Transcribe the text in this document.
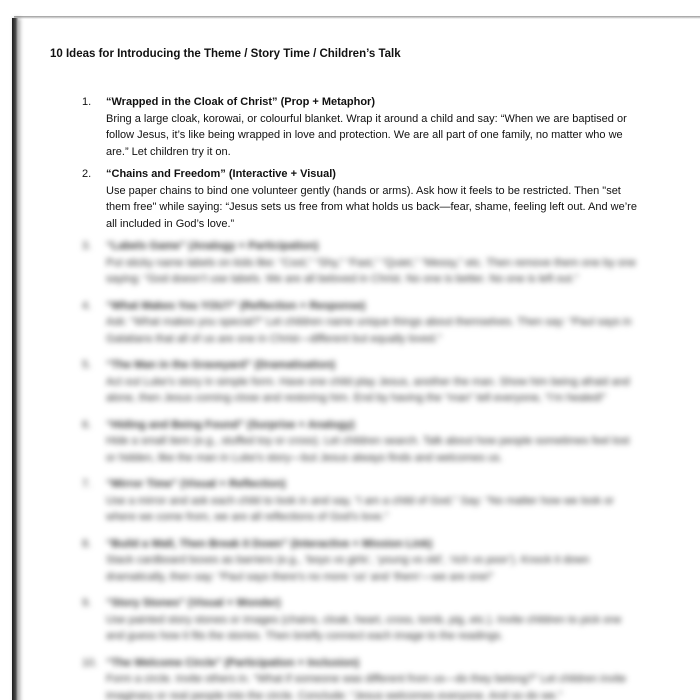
10 Ideas for Introducing the Theme / Story Time / Children’s Talk
1.	“Wrapped in the Cloak of Christ” (Prop + Metaphor)
Bring a large cloak, korowai, or colourful blanket. Wrap it around a child and say: “When we are baptised or follow Jesus, it’s like being wrapped in love and protection. We are all part of one family, no matter who we are.” Let children try it on.
2.	“Chains and Freedom” (Interactive + Visual)
Use paper chains to bind one volunteer gently (hands or arms). Ask how it feels to be restricted. Then "set them free" while saying: “Jesus sets us free from what holds us back—fear, shame, feeling left out. And we’re all included in God’s love.”
3.	“Labels Game” (Analogy + Participation)
Put sticky name labels on kids like: “Cool,” “Shy,” “Fast,” “Quiet,” “Messy,” etc. Then remove them one by one saying: “God doesn’t use labels. We are all beloved in Christ. No one is better. No one is left out.”
4.	“What Makes You YOU?” (Reflection + Response)
Ask: “What makes you special?” Let children name unique things about themselves. Then say: “Paul says in Galatians that all of us are one in Christ—different but equally loved.”
5.	“The Man in the Graveyard” (Dramatisation)
Act out Luke’s story in simple form. Have one child play Jesus, another the man. Show him being afraid and alone, then Jesus coming close and restoring him. End by having the “man” tell everyone, “I’m healed!”
6.	“Hiding and Being Found” (Surprise + Analogy)
Hide a small item (e.g., stuffed toy or cross). Let children search. Talk about how people sometimes feel lost or hidden, like the man in Luke’s story—but Jesus always finds and welcomes us.
7.	“Mirror Time” (Visual + Reflection)
Use a mirror and ask each child to look in and say, “I am a child of God.” Say: “No matter how we look or where we come from, we are all reflections of God’s love.”
8.	“Build a Wall, Then Break it Down” (Interactive + Mission Link)
Stack cardboard boxes as barriers (e.g., ‘boys vs girls’, ‘young vs old’, ‘rich vs poor’). Knock it down dramatically, then say: “Paul says there’s no more ‘us’ and ‘them’—we are one!”
9.	“Story Stones” (Visual + Wonder)
Use painted story stones or images (chains, cloak, heart, cross, tomb, pig, etc.). Invite children to pick one and guess how it fits the stories. Then briefly connect each image to the readings.
10. “The Welcome Circle” (Participation + Inclusion)
Form a circle. Invite others in. “What if someone was different from us—do they belong?” Let children invite imaginary or real people into the circle. Conclude: “Jesus welcomes everyone. And so do we.”
